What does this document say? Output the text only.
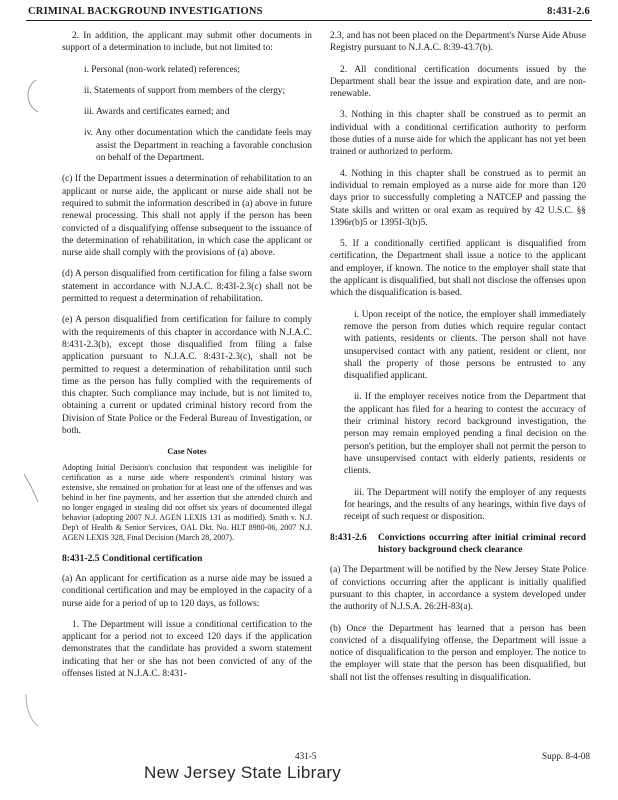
CRIMINAL BACKGROUND INVESTIGATIONS	8:431-2.6

2. In addition, the applicant may submit other documents in support of a determination to include, but not limited to:

i. Personal (non-work related) references;

ii. Statements of support from members of the clergy;

iii. Awards and certificates earned; and

iv. Any other documentation which the candidate feels may assist the Department in reaching a favorable conclusion on behalf of the Department.

(c) If the Department issues a determination of rehabilitation to an applicant or nurse aide, the applicant or nurse aide shall not be required to submit the information described in (a) above in future renewal processing. This shall not apply if the person has been convicted of a disqualifying offense subsequent to the issuance of the determination of rehabilitation, in which case the applicant or nurse aide shall comply with the provisions of (a) above.

(d) A person disqualified from certification for filing a false sworn statement in accordance with N.J.A.C. 8:43I-2.3(c) shall not be permitted to request a determination of rehabilitation.

(e) A person disqualified from certification for failure to comply with the requirements of this chapter in accordance with N.J.A.C. 8:431-2.3(b), except those disqualified from filing a false application pursuant to N.J.A.C. 8:431-2.3(c), shall not be permitted to request a determination of rehabilitation until such time as the person has fully complied with the requirements of this chapter. Such compliance may include, but is not limited to, obtaining a current or updated criminal history record from the Division of State Police or the Federal Bureau of Investigation, or both.

Case Notes
Adopting Initial Decision's conclusion that respondent was ineligible for certification as a nurse aide where respondent's criminal history was extensive, she remained on probation for at least one of the offenses and was behind in her fine payments, and her assertion that she attended church and no longer engaged in stealing did not offset six years of documented illegal behavior (adopting 2007 N.J. AGEN LEXIS 131 as modified). Smith v. N.J. Dep't of Health & Senior Services, OAL Dkt. No. HLT 8980-06, 2007 N.J. AGEN LEXIS 328, Final Decision (March 28, 2007).
8:431-2.5 Conditional certification

(a) An applicant for certification as a nurse aide may be issued a conditional certification and may be employed in the capacity of a nurse aide for a period of up to 120 days, as follows:

1. The Department will issue a conditional certification to the applicant for a period not to exceed 120 days if the application demonstrates that the candidate has provided a sworn statement indicating that her or she has not been convicted of any of the offenses listed at N.J.A.C. 8:431-

2.3, and has not been placed on the Department's Nurse Aide Abuse Registry pursuant to N.J.A.C. 8:39-43.7(b).

2. All conditional certification documents issued by the Department shall bear the issue and expiration date, and are non-renewable.

3. Nothing in this chapter shall be construed as to permit an individual with a conditional certification authority to perform those duties of a nurse aide for which the applicant has not yet been trained or authorized to perform.

4. Nothing in this chapter shall be construed as to permit an individual to remain employed as a nurse aide for more than 120 days prior to successfully completing a NATCEP and passing the State skills and written or oral exam as required by 42 U.S.C. §§ 1396r(b)5 or 1395I-3(b)5.

5. If a conditionally certified applicant is disqualified from certification, the Department shall issue a notice to the applicant and employer, if known. The notice to the employer shall state that the applicant is disqualified, but shall not disclose the offenses upon which the disqualification is based.

i. Upon receipt of the notice, the employer shall immediately remove the person from duties which require regular contact with patients, residents or clients. The person shall not have unsupervised contact with any patient, resident or client, nor shall the property of those persons be entrusted to any disqualified applicant.

ii. If the employer receives notice from the Department that the applicant has filed for a hearing to contest the accuracy of their criminal history record background investigation, the person may remain employed pending a final decision on the person's petition, but the employer shall not permit the person to have unsupervised contact with elderly patients, residents or clients.

iii. The Department will notify the employer of any requests for hearings, and the results of any hearings, within five days of receipt of such request or disposition.

8:431-2.6	Convictions occurring after initial criminal record history background check clearance

(a) The Department will be notified by the New Jersey State Police of convictions occurring after the applicant is initially qualified pursuant to this chapter, in accordance a system developed under the authority of N.J.S.A. 26:2H-83(a).

(b) Once the Department has learned that a person has been convicted of a disqualifying offense, the Department will issue a notice of disqualification to the person and employer. The notice to the employer will state that the person has been disqualified, but shall not list the offenses resulting in disqualification.

431-5	Supp. 8-4-08
New Jersey State Library
